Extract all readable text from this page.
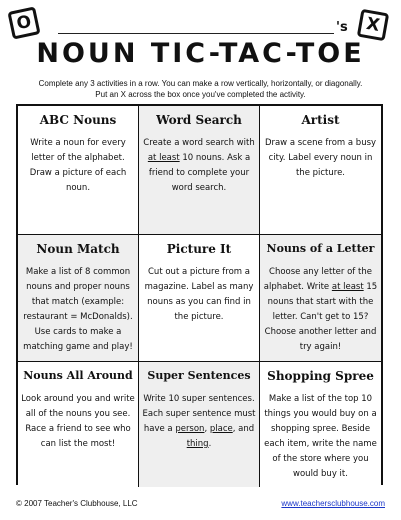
O	's X
NOUN TIC-TAC-TOE
Complete any 3 activities in a row. You can make a row vertically, horizontally, or diagonally.
Put an X across the box once you've completed the activity.
ABC Nouns
Write a noun for every letter of the alphabet. Draw a picture of each noun.
Word Search
Create a word search with at least 10 nouns. Ask a friend to complete your word search.
Artist
Draw a scene from a busy city. Label every noun in the picture.
Noun Match
Make a list of 8 common nouns and proper nouns that match (example: restaurant = McDonalds). Use cards to make a matching game and play!
Picture It
Cut out a picture from a magazine. Label as many nouns as you can find in the picture.
Nouns of a Letter
Choose any letter of the alphabet. Write at least 15 nouns that start with the letter. Can't get to 15? Choose another letter and try again!
Nouns All Around
Look around you and write all of the nouns you see. Race a friend to see who can list the most!
Super Sentences
Write 10 super sentences. Each super sentence must have a person, place, and thing.
Shopping Spree
Make a list of the top 10 things you would buy on a shopping spree. Beside each item, write the name of the store where you would buy it.
© 2007 Teacher's Clubhouse, LLC	www.teachersclubhouse.com
